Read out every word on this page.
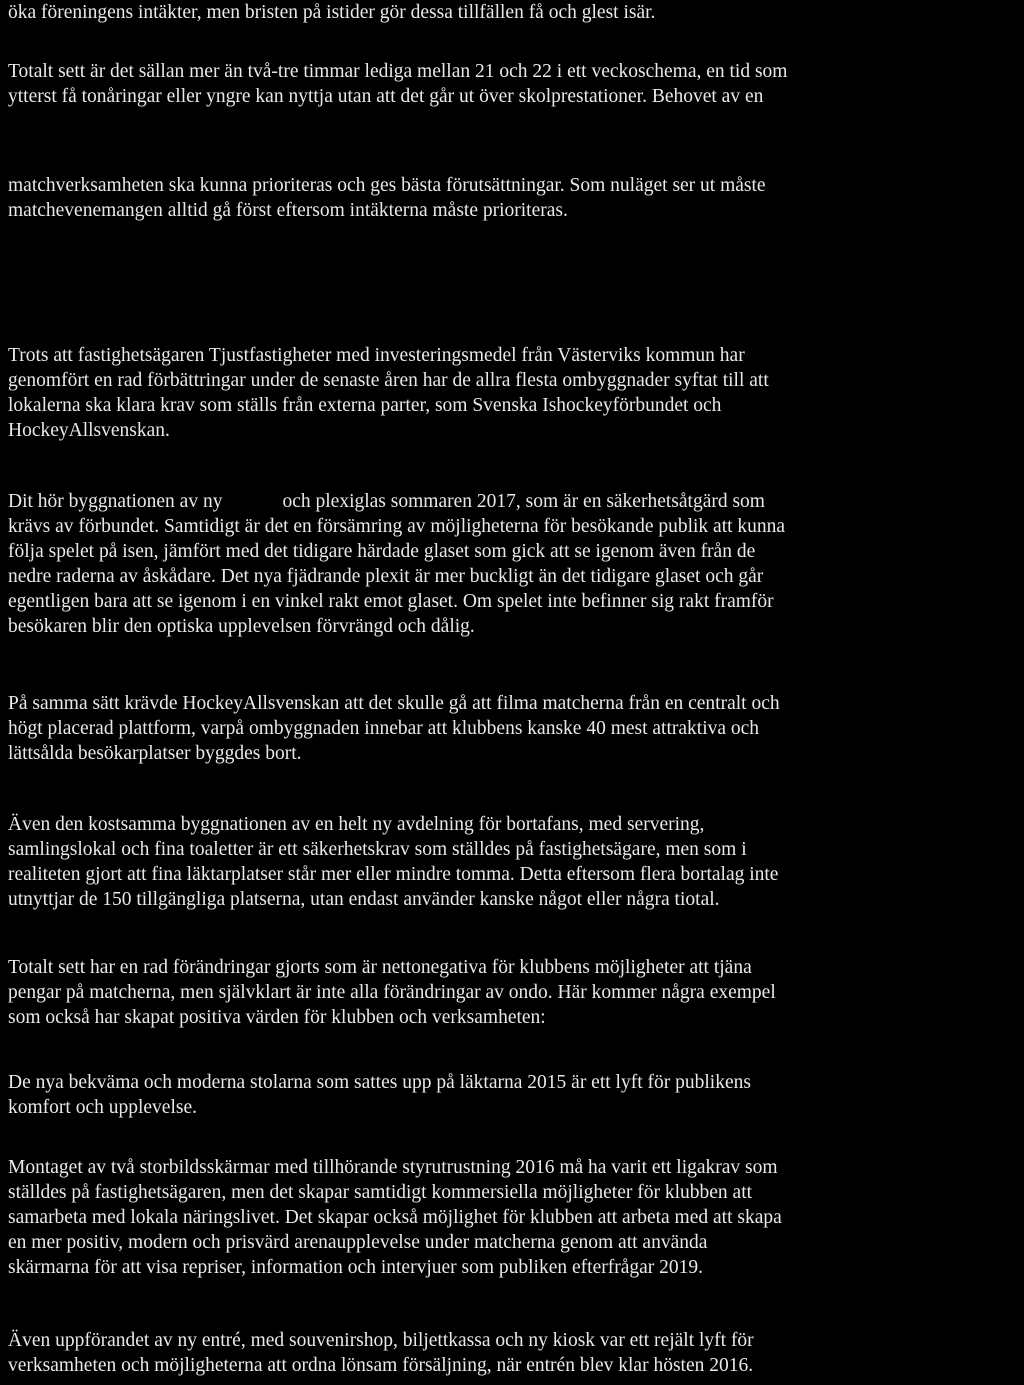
öka föreningens intäkter, men bristen på istider gör dessa tillfällen få och glest isär.
Totalt sett är det sällan mer än två-tre timmar lediga mellan 21 och 22 i ett veckoschema, en tid som
ytterst få tonåringar eller yngre kan nyttja utan att det går ut över skolprestationer. Behovet av en
matchverksamheten ska kunna prioriteras och ges bästa förutsättningar. Som nuläget ser ut måste
matchevenemangen alltid gå först eftersom intäkterna måste prioriteras.
Trots att fastighetsägaren Tjustfastigheter med investeringsmedel från Västerviks kommun har
genomfört en rad förbättringar under de senaste åren har de allra flesta ombyggnader syftat till att
lokalerna ska klara krav som ställs från externa parter, som Svenska Ishockeyförbundet och
HockeyAllsvenskan.
Dit hör byggnationen av ny	och plexiglas sommaren 2017, som är en säkerhetsåtgärd som
krävs av förbundet. Samtidigt är det en försämring av möjligheterna för besökande publik att kunna
följa spelet på isen, jämfört med det tidigare härdade glaset som gick att se igenom även från de
nedre raderna av åskådare. Det nya fjädrande plexit är mer buckligt än det tidigare glaset och går
egentligen bara att se igenom i en vinkel rakt emot glaset. Om spelet inte befinner sig rakt framför
besökaren blir den optiska upplevelsen förvrängd och dålig.
På samma sätt krävde HockeyAllsvenskan att det skulle gå att filma matcherna från en centralt och
högt placerad plattform, varpå ombyggnaden innebar att klubbens kanske 40 mest attraktiva och
lättsålda besökarplatser byggdes bort.
Även den kostsamma byggnationen av en helt ny avdelning för bortafans, med servering,
samlingslokal och fina toaletter är ett säkerhetskrav som ställdes på fastighetsägare, men som i
realiteten gjort att fina läktarplatser står mer eller mindre tomma. Detta eftersom flera bortalag inte
utnyttjar de 150 tillgängliga platserna, utan endast använder kanske något eller några tiotal.
Totalt sett har en rad förändringar gjorts som är nettonegativa för klubbens möjligheter att tjäna
pengar på matcherna, men självklart är inte alla förändringar av ondo. Här kommer några exempel
som också har skapat positiva värden för klubben och verksamheten:
De nya bekväma och moderna stolarna som sattes upp på läktarna 2015 är ett lyft för publikens
komfort och upplevelse.
Montaget av två storbildsskärmar med tillhörande styrutrustning 2016 må ha varit ett ligakrav som
ställdes på fastighetsägaren, men det skapar samtidigt kommersiella möjligheter för klubben att
samarbeta med lokala näringslivet. Det skapar också möjlighet för klubben att arbeta med att skapa
en mer positiv, modern och prisvärd arenaupplevelse under matcherna genom att använda
skärmarna för att visa repriser, information och intervjuer som publiken efterfrågar 2019.
Även uppförandet av ny entré, med souvenirshop, biljettkassa och ny kiosk var ett rejält lyft för
verksamheten och möjligheterna att ordna lönsam försäljning, när entrén blev klar hösten 2016.
